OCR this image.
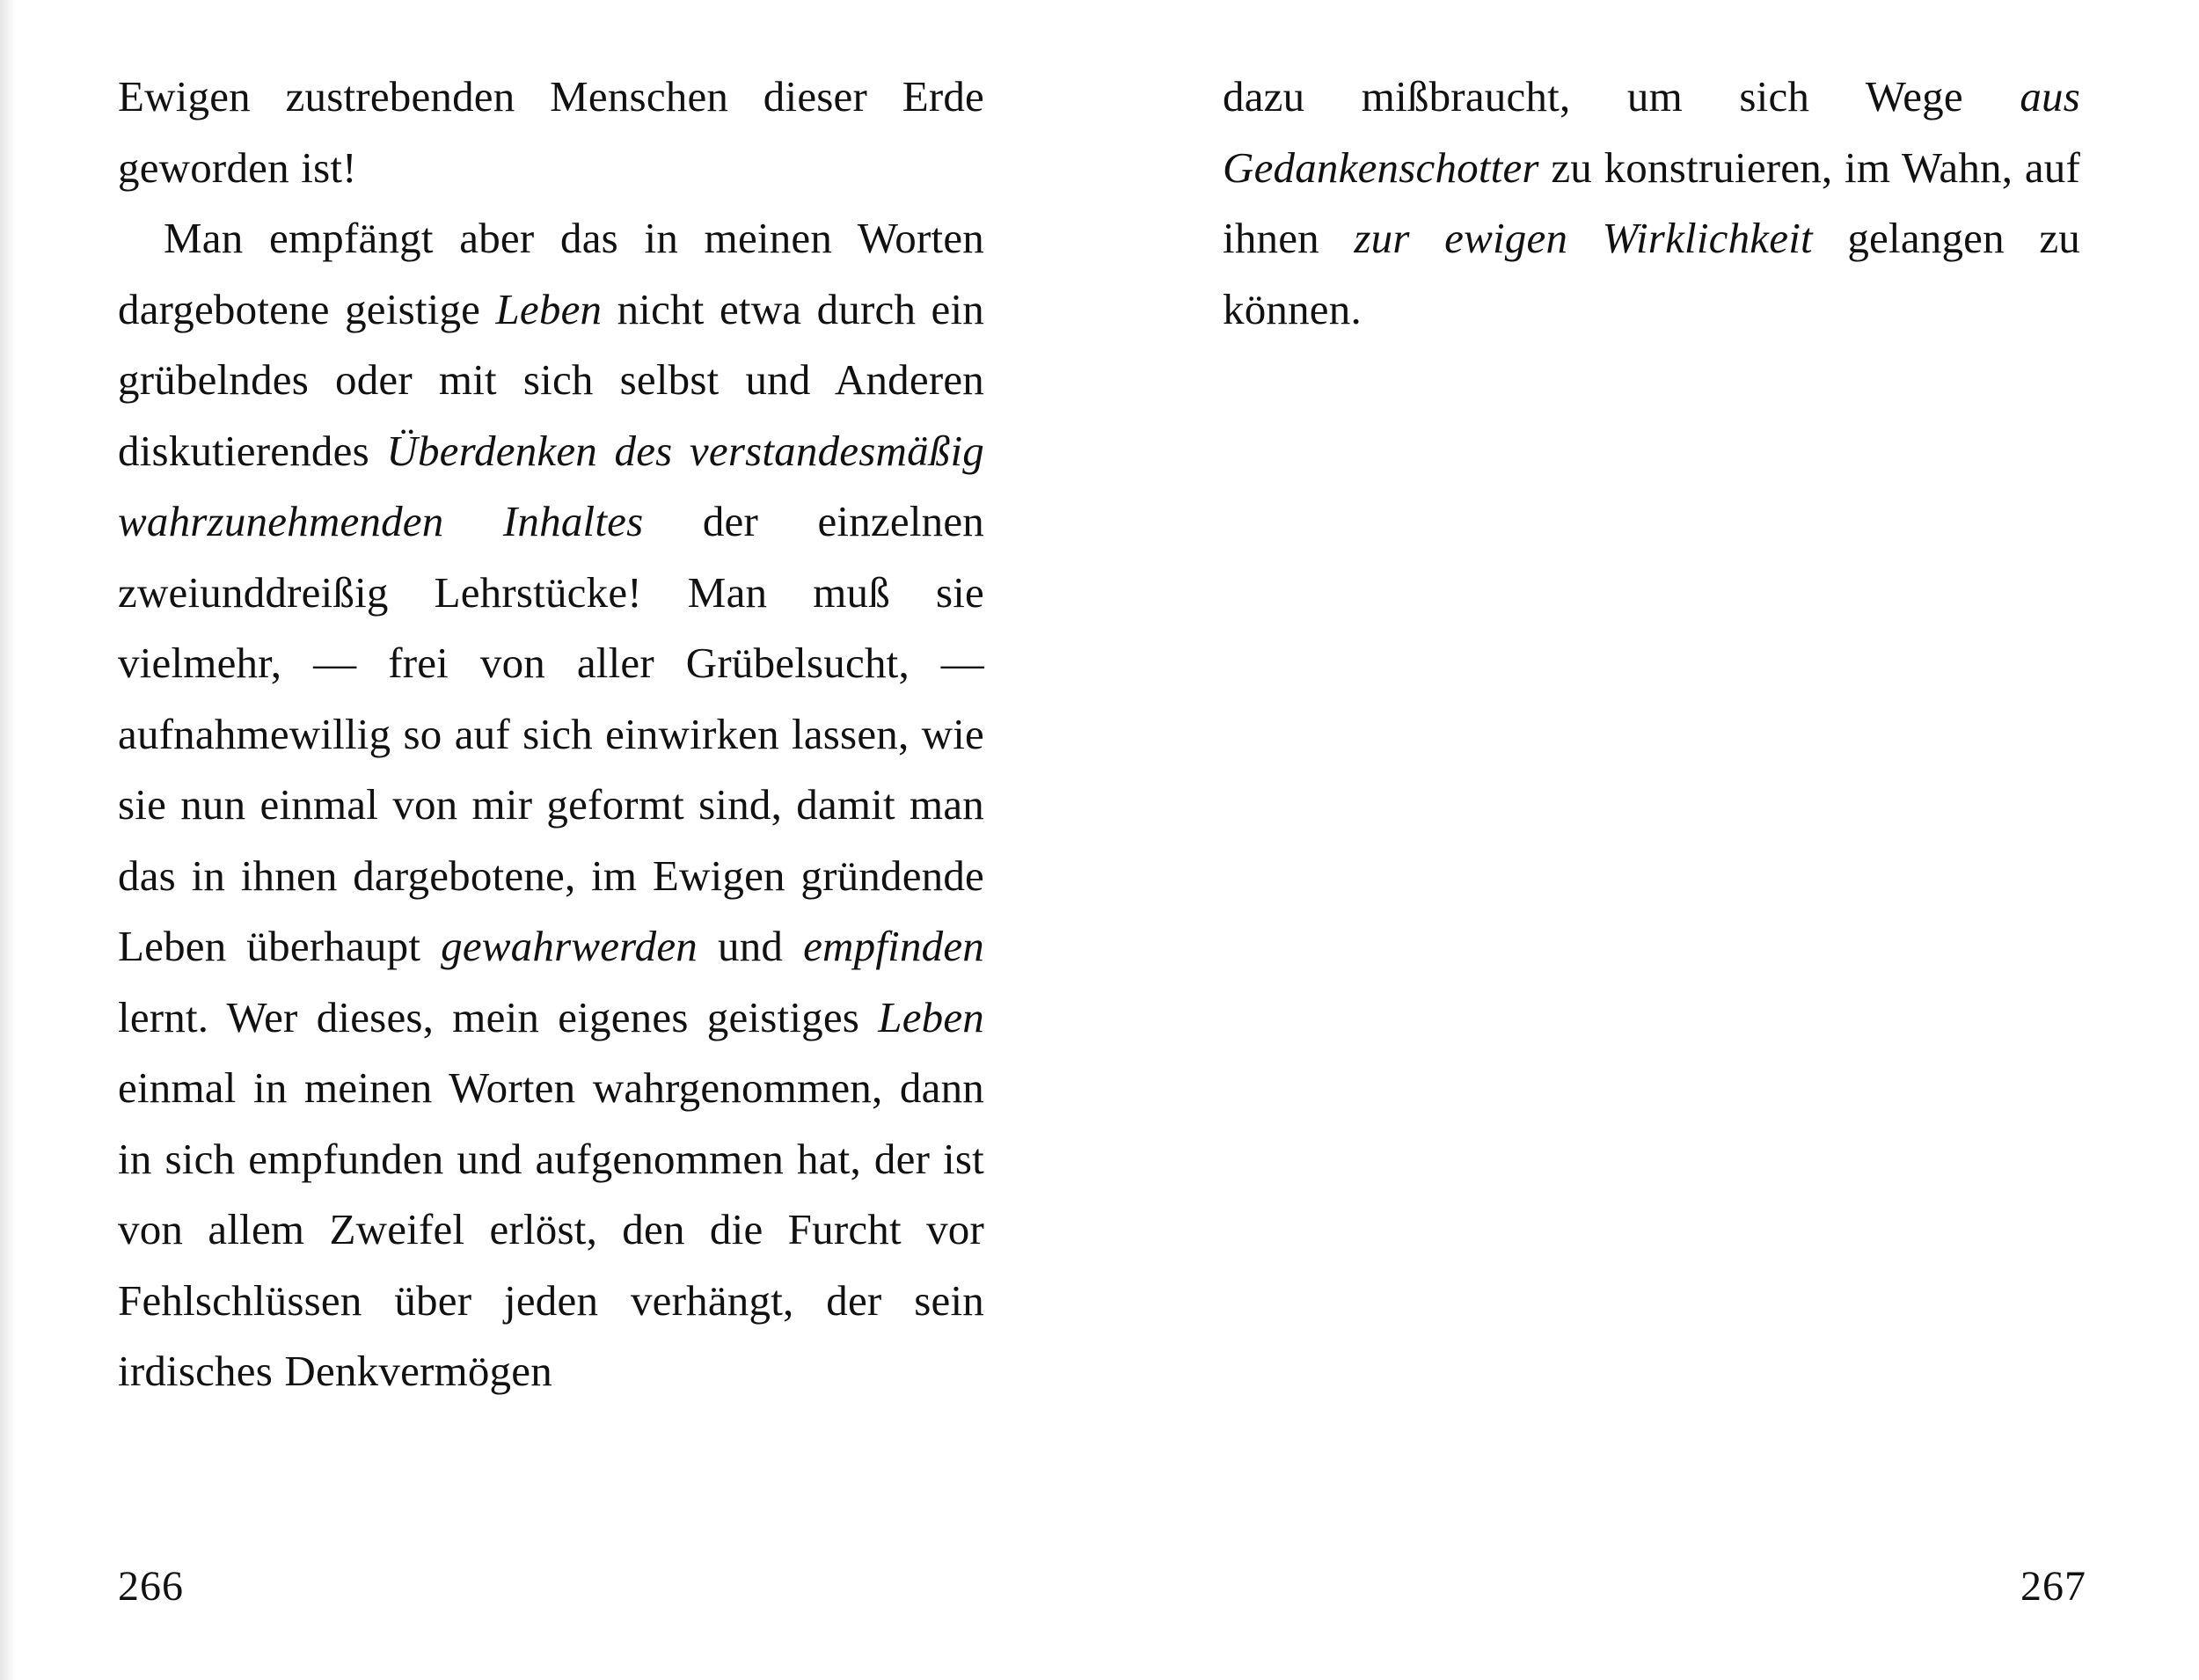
Ewigen zustrebenden Menschen dieser Erde geworden ist!

Man empfängt aber das in meinen Worten dargebotene geistige Leben nicht etwa durch ein grübelndes oder mit sich selbst und Anderen diskutierendes Überdenken des verstandesmäßig wahrzunehmenden Inhaltes der einzelnen zweiunddreißig Lehrstücke! Man muß sie vielmehr, — frei von aller Grübelsucht, — aufnahmewillig so auf sich einwirken lassen, wie sie nun einmal von mir geformt sind, damit man das in ihnen dargebotene, im Ewigen gründende Leben überhaupt gewahrwerden und empfinden lernt. Wer dieses, mein eigenes geistiges Leben einmal in meinen Worten wahrgenommen, dann in sich empfunden und aufgenommen hat, der ist von allem Zweifel erlöst, den die Furcht vor Fehlschlüssen über jeden verhängt, der sein irdisches Denkvermögen

266

dazu mißbraucht, um sich Wege aus Gedankenschotter zu konstruieren, im Wahn, auf ihnen zur ewigen Wirklichkeit gelangen zu können.

267
